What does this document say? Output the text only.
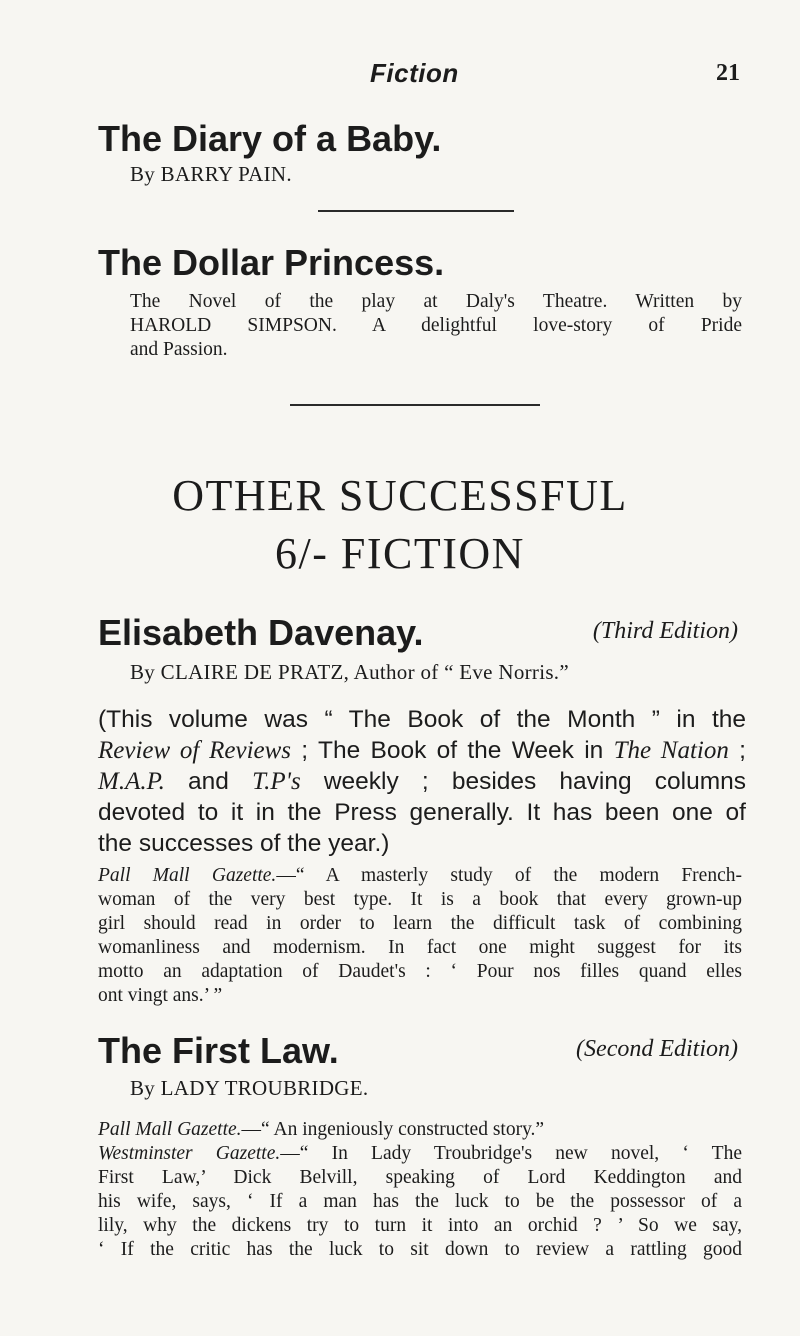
Fiction	21
The Diary of a Baby.
By BARRY PAIN.
The Dollar Princess.
The Novel of the play at Daly's Theatre. Written by
HAROLD SIMPSON. A delightful love-story of Pride
and Passion.
OTHER SUCCESSFUL
6/- FICTION
Elisabeth Davenay.	(Third Edition)
By CLAIRE DE PRATZ, Author of “ Eve Norris.”
(This volume was “ The Book of the Month ” in the
Review of Reviews ; The Book of the Week in The Nation ;
M.A.P. and T.P's weekly ; besides having columns
devoted to it in the Press generally. It has been one of
the successes of the year.)
Pall Mall Gazette.—“ A masterly study of the modern French-
woman of the very best type. It is a book that every grown-up
girl should read in order to learn the difficult task of combining
womanliness and modernism. In fact one might suggest for its
motto an adaptation of Daudet's : ‘ Pour nos filles quand elles
ont vingt ans.’ ”
The First Law.	(Second Edition)
By LADY TROUBRIDGE.
Pall Mall Gazette.—“ An ingeniously constructed story.”
Westminster Gazette.—“ In Lady Troubridge's new novel, ‘ The
First Law,’ Dick Belvill, speaking of Lord Keddington and
his wife, says, ‘ If a man has the luck to be the possessor of a
lily, why the dickens try to turn it into an orchid ? ’ So we say,
‘ If the critic has the luck to sit down to review a rattling good
